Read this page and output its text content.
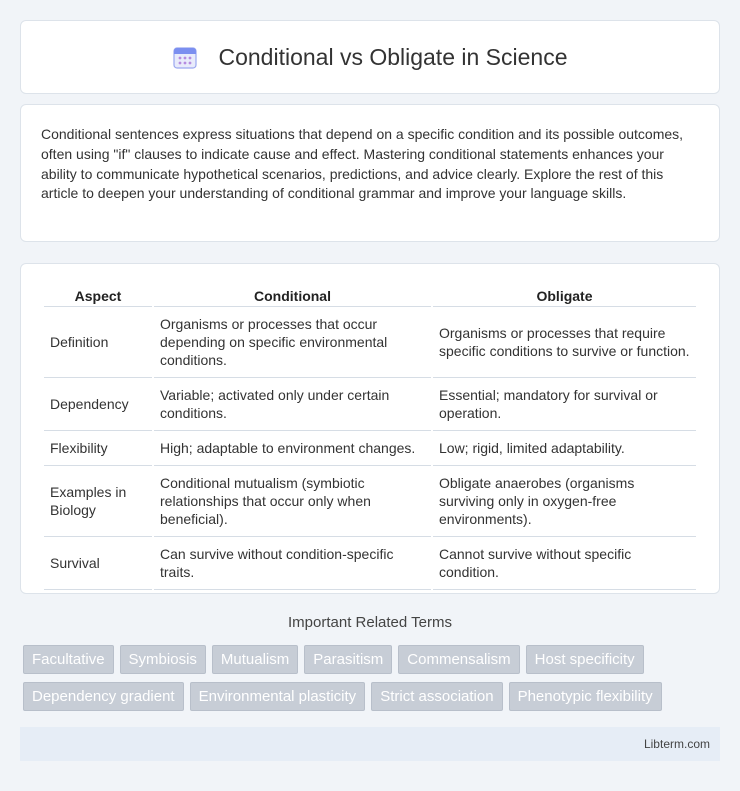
Conditional vs Obligate in Science

Conditional sentences express situations that depend on a specific condition and its possible outcomes, often using "if" clauses to indicate cause and effect. Mastering conditional statements enhances your ability to communicate hypothetical scenarios, predictions, and advice clearly. Explore the rest of this article to deepen your understanding of conditional grammar and improve your language skills.

Aspect	Conditional	Obligate
Definition	Organisms or processes that occur depending on specific environmental conditions.	Organisms or processes that require specific conditions to survive or function.
Dependency	Variable; activated only under certain conditions.	Essential; mandatory for survival or operation.
Flexibility	High; adaptable to environment changes.	Low; rigid, limited adaptability.
Examples in Biology	Conditional mutualism (symbiotic relationships that occur only when beneficial).	Obligate anaerobes (organisms surviving only in oxygen-free environments).
Survival	Can survive without condition-specific traits.	Cannot survive without specific condition.
Important Related Terms
Facultative	Symbiosis	Mutualism	Parasitism	Commensalism	Host specificity
Dependency gradient	Environmental plasticity	Strict association	Phenotypic flexibility
Libterm.com
